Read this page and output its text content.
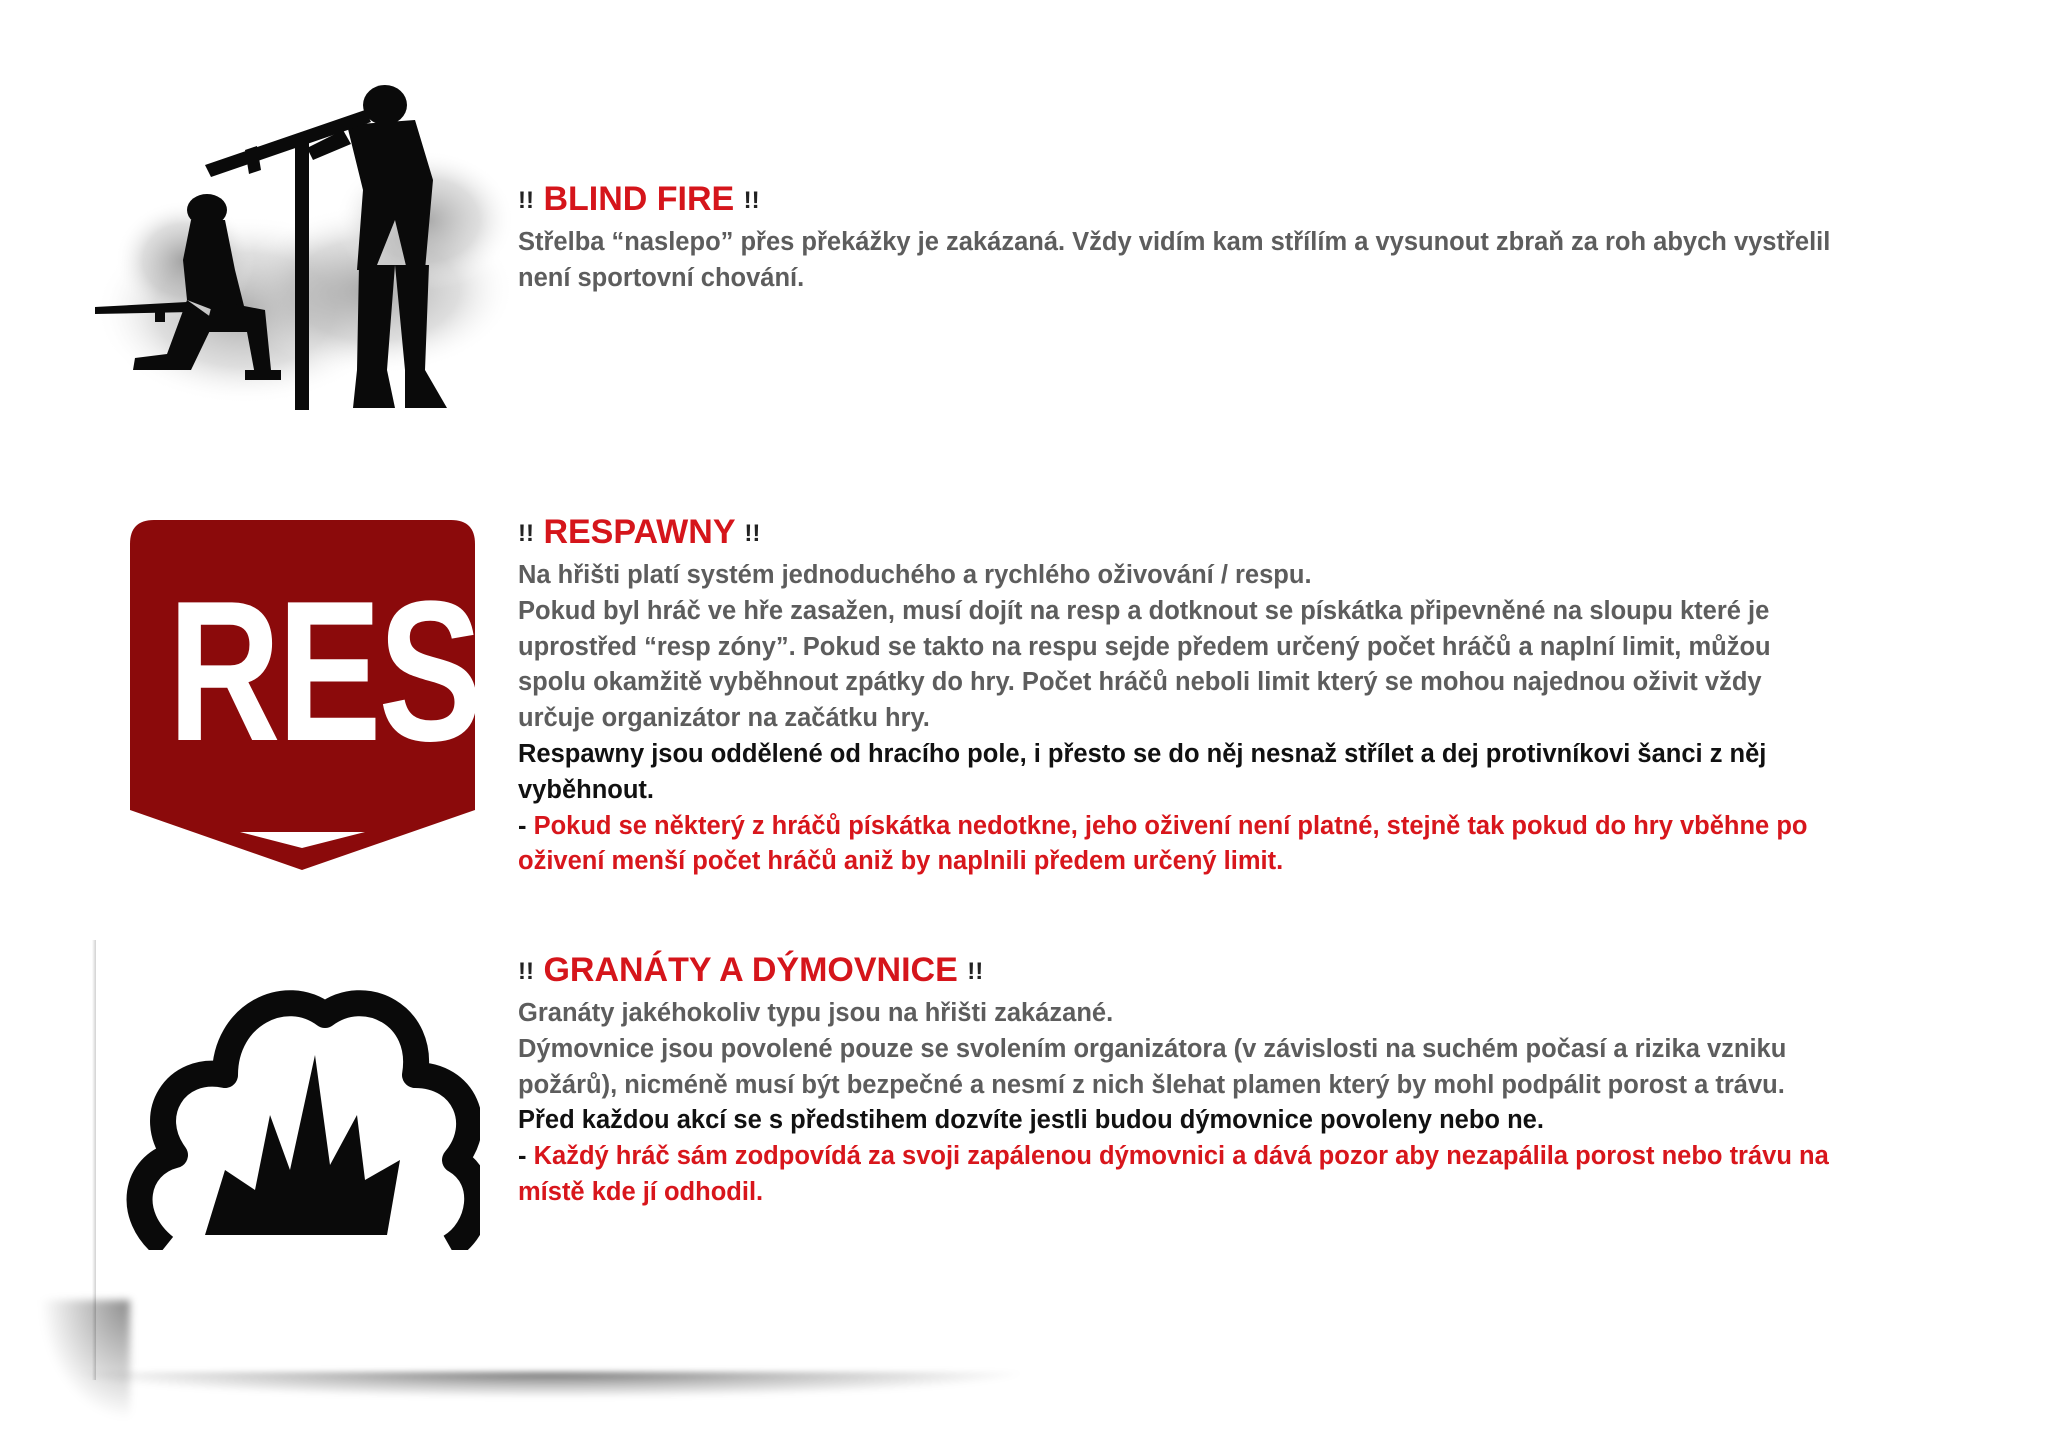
!! BLIND FIRE !!

Střelba “naslepo” přes překážky je zakázaná. Vždy vidím kam střílím a vysunout zbraň za roh abych vystřelil

není sportovní chování.

RESP
!! RESPAWNY !!

Na hřišti platí systém jednoduchého a rychlého oživování / respu.

Pokud byl hráč ve hře zasažen, musí dojít na resp a dotknout se pískátka připevněné na sloupu které je

uprostřed “resp zóny”. Pokud se takto na respu sejde předem určený počet hráčů a naplní limit, můžou

spolu okamžitě vyběhnout zpátky do hry. Počet hráčů neboli limit který se mohou najednou oživit vždy

určuje organizátor na začátku hry.

Respawny jsou oddělené od hracího pole, i přesto se do něj nesnaž střílet a dej protivníkovi šanci z něj

vyběhnout.

- Pokud se některý z hráčů pískátka nedotkne, jeho oživení není platné, stejně tak pokud do hry vběhne po

oživení menší počet hráčů aniž by naplnili předem určený limit.

!! GRANÁTY A DÝMOVNICE !!

Granáty jakéhokoliv typu jsou na hřišti zakázané.

Dýmovnice jsou povolené pouze se svolením organizátora (v závislosti na suchém počasí a rizika vzniku

požárů), nicméně musí být bezpečné a nesmí z nich šlehat plamen který by mohl podpálit porost a trávu.

Před každou akcí se s předstihem dozvíte jestli budou dýmovnice povoleny nebo ne.

- Každý hráč sám zodpovídá za svoji zapálenou dýmovnici a dává pozor aby nezapálila porost nebo trávu na

místě kde jí odhodil.
